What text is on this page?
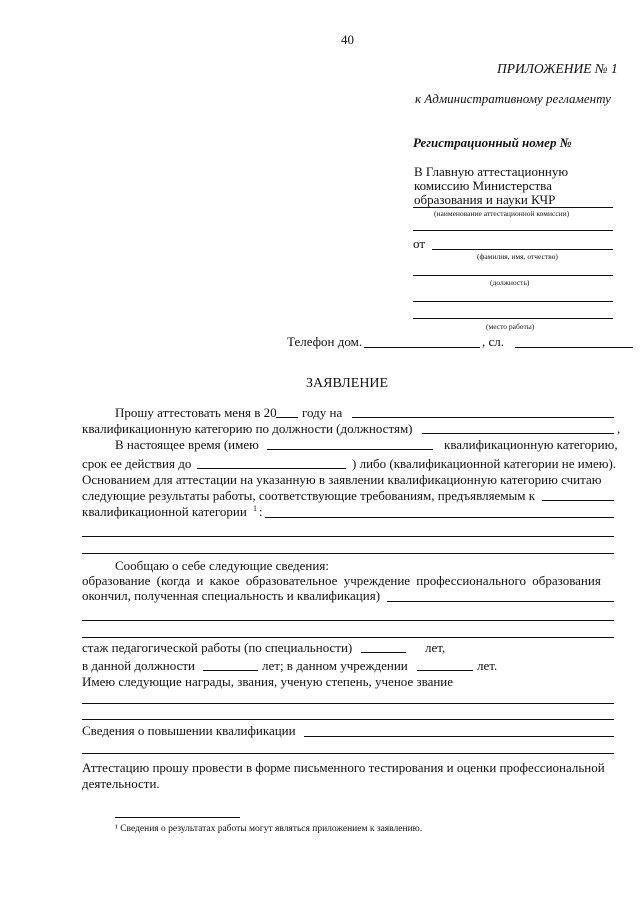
40
ПРИЛОЖЕНИЕ № 1
к Административному регламенту
Регистрационный номер №
В Главную аттестационную
комиссию Министерства
образования и науки КЧР
(наименование аттестационной комиссии)
от
(фамилия, имя, отчество)
(должность)
(место работы)
Телефон дом.	, сл.
ЗАЯВЛЕНИЕ
Прошу аттестовать меня в 20 году на
квалификационную категорию по должности (должностям)	,
В настоящее время (имею	квалификационную категорию,
срок ее действия до	) либо (квалификационной категории не имею).
Основанием для аттестации на указанную в заявлении квалификационную категорию считаю
следующие результаты работы, соответствующие требованиям, предъявляемым к
квалификационной категории 1 :
Сообщаю о себе следующие сведения:
образование (когда и какое образовательное учреждение профессионального образования
окончил, полученная специальность и квалификация)
стаж педагогической работы (по специальности)	лет,
в данной должности	лет; в данном учреждении	лет.
Имею следующие награды, звания, ученую степень, ученое звание
Сведения о повышении квалификации
Аттестацию прошу провести в форме письменного тестирования и оценки профессиональной
деятельности.
¹ Сведения о результатах работы могут являться приложением к заявлению.
